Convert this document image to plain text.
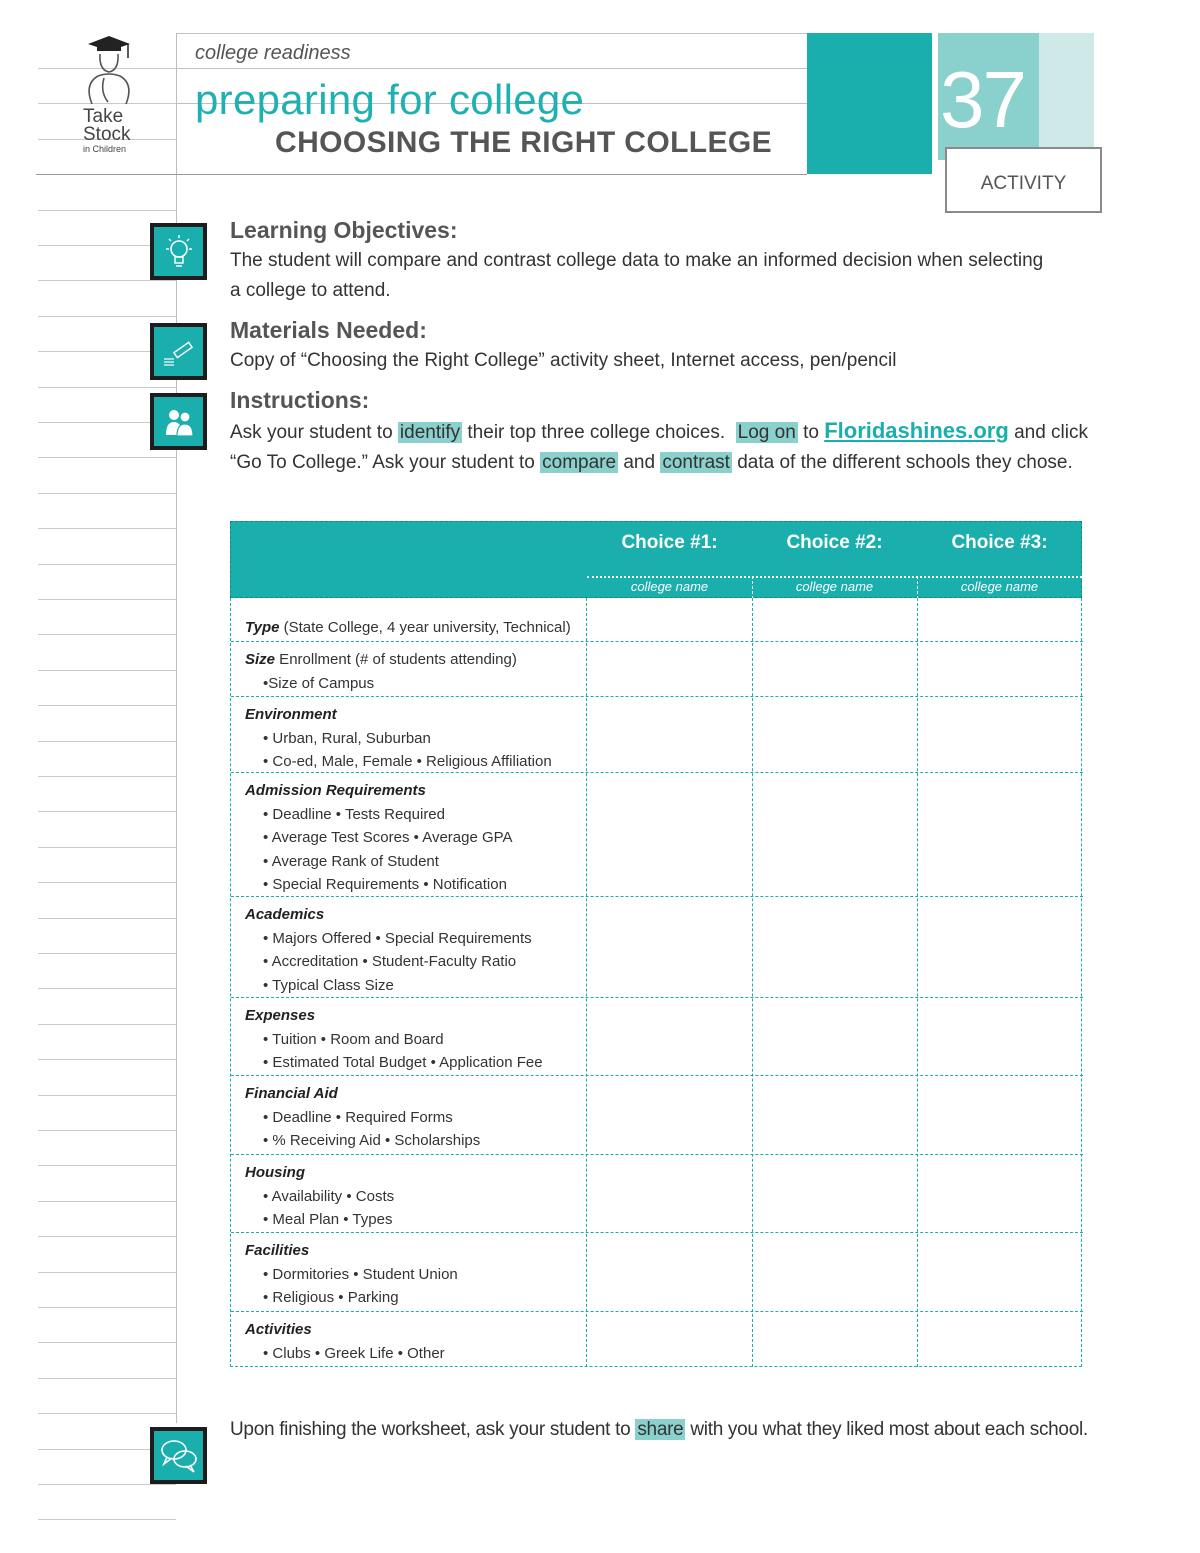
Take
Stock
in Children
college readiness
preparing for college
CHOOSING THE RIGHT COLLEGE 37
ACTIVITY
Learning Objectives:
The student will compare and contrast college data to make an informed decision when selecting
a college to attend.
Materials Needed:
Copy of “Choosing the Right College” activity sheet, Internet access, pen/pencil
Instructions:
Ask your student to identify their top three college choices.  Log on to Floridashines.org and click
“Go To College.” Ask your student to compare and contrast data of the different schools they chose.
Choice #1:	Choice #2:	Choice #3:
college name	college name	college name
Type (State College, 4 year university, Technical)
Size Enrollment (# of students attending)
•Size of Campus
Environment
• Urban, Rural, Suburban
• Co-ed, Male, Female • Religious Affiliation
Admission Requirements
• Deadline • Tests Required
• Average Test Scores • Average GPA
• Average Rank of Student
• Special Requirements • Notification
Academics
• Majors Offered • Special Requirements
• Accreditation • Student-Faculty Ratio
• Typical Class Size
Expenses
• Tuition • Room and Board
• Estimated Total Budget • Application Fee
Financial Aid
• Deadline • Required Forms
• % Receiving Aid • Scholarships
Housing
• Availability • Costs
• Meal Plan • Types
Facilities
• Dormitories • Student Union
• Religious • Parking
Activities
• Clubs • Greek Life • Other
Upon finishing the worksheet, ask your student to share with you what they liked most about each school.
